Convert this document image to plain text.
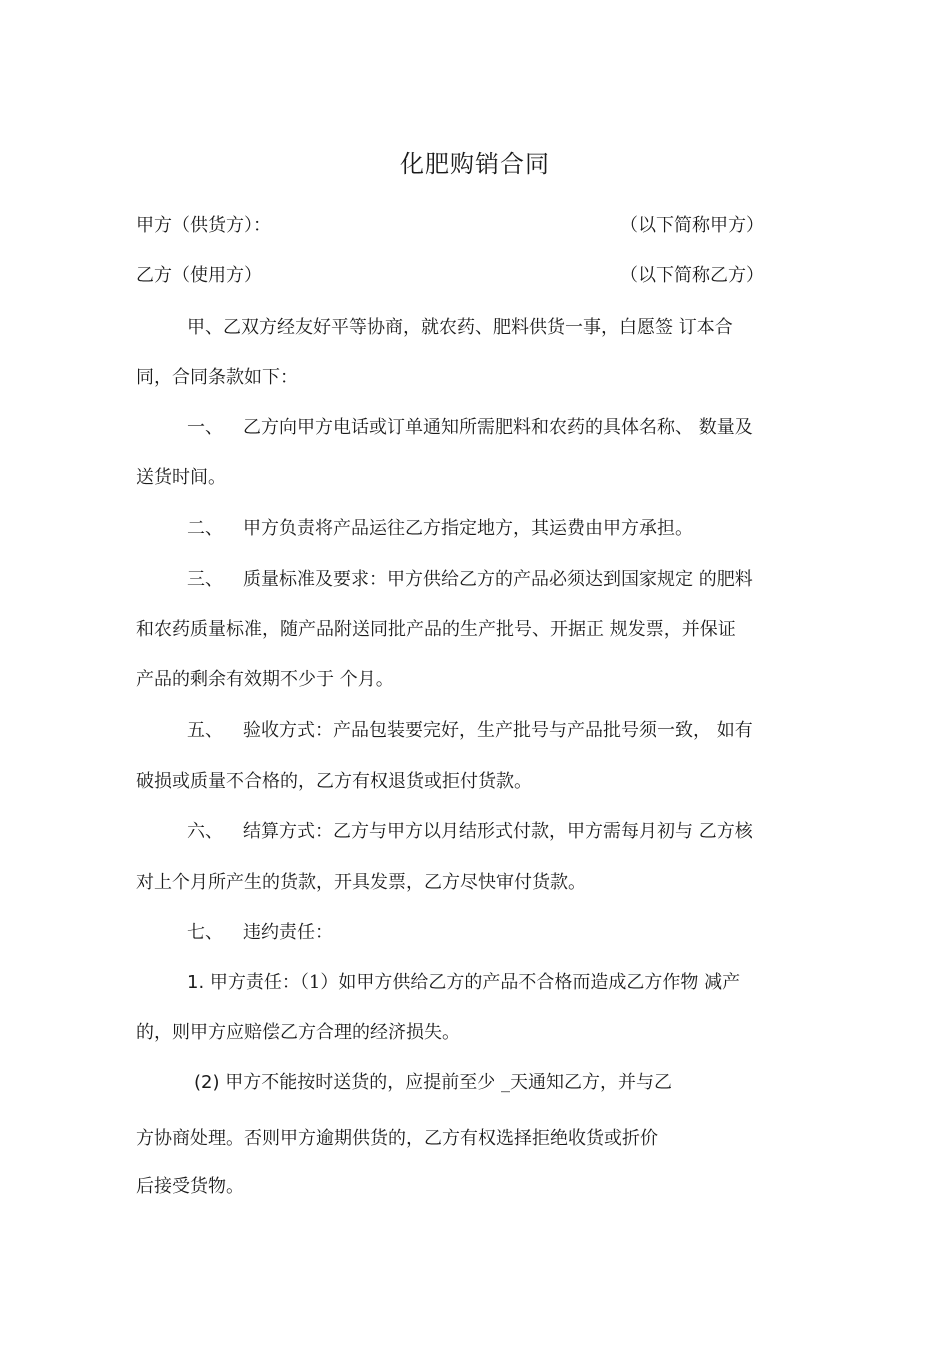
化肥购销合同
甲方（供货方）：	（以下简称甲方）
乙方（使用方）	（以下简称乙方）
甲、乙双方经友好平等协商，就农药、肥料供货一事，白愿签 订本合
同，合同条款如下：
一、 乙方向甲方电话或订单通知所需肥料和农药的具体名称、 数量及
送货时间。
二、 甲方负责将产品运往乙方指定地方，其运费由甲方承担。
三、 质量标准及要求：甲方供给乙方的产品必须达到国家规定 的肥料
和农药质量标准，随产品附送同批产品的生产批号、开据正 规发票，并保证
产品的剩余有效期不少于 个月。
五、 验收方式：产品包装要完好，生产批号与产品批号须一致， 如有
破损或质量不合格的，乙方有权退货或拒付货款。
六、 结算方式：乙方与甲方以月结形式付款，甲方需每月初与 乙方核
对上个月所产生的货款，开具发票，乙方尽快审付货款。
七、 违约责任：
1. 甲方责任：（1）如甲方供给乙方的产品不合格而造成乙方作物 减产
的，则甲方应赔偿乙方合理的经济损失。
(2) 甲方不能按时送货的，应提前至少 _天通知乙方，并与乙
方协商处理。否则甲方逾期供货的，乙方有权选择拒绝收货或折价
后接受货物。
